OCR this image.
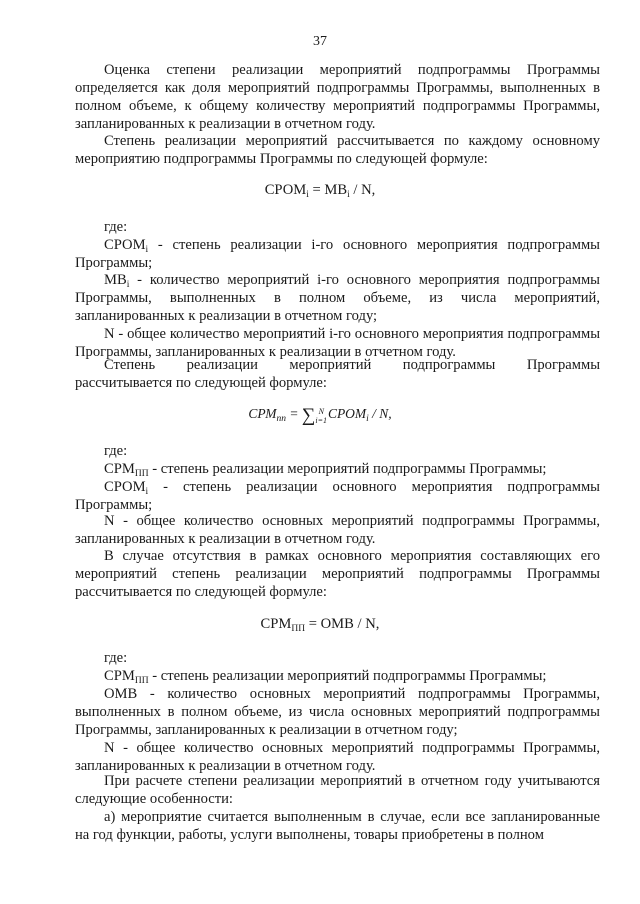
37

Оценка степени реализации мероприятий подпрограммы Программы определяется как доля мероприятий подпрограммы Программы, выполненных в полном объеме, к общему количеству мероприятий подпрограммы Программы, запланированных к реализации в отчетном году.

Степень реализации мероприятий рассчитывается по каждому основному мероприятию подпрограммы Программы по следующей формуле:

$СРОМ_i = МВ_i / N$,

где:

$СРОМ_i$ - степень реализации i-го основного мероприятия подпрограммы Программы;

$МВ_i$ - количество мероприятий i-го основного мероприятия подпрограммы Программы, выполненных в полном объеме, из числа мероприятий, запланированных к реализации в отчетном году;

N - общее количество мероприятий i-го основного мероприятия подпрограммы Программы, запланированных к реализации в отчетном году.

Степень реализации мероприятий подпрограммы Программы

рассчитывается по следующей формуле:

$СРМ_{пп}$ = ∑ N
i=1 $СРОМ_i$ / N,

где:

$СРМ_{ПП}$ - степень реализации мероприятий подпрограммы Программы;

$СРОМ_i$ - степень реализации основного мероприятия подпрограммы Программы;

N - общее количество основных мероприятий подпрограммы Программы, запланированных к реализации в отчетном году.

В случае отсутствия в рамках основного мероприятия составляющих его мероприятий степень реализации мероприятий подпрограммы Программы рассчитывается по следующей формуле:

$СРМ_{ПП}$ = ОМВ / N,

где:

$СРМ_{ПП}$ - степень реализации мероприятий подпрограммы Программы;

ОМВ - количество основных мероприятий подпрограммы Программы, выполненных в полном объеме, из числа основных мероприятий подпрограммы Программы, запланированных к реализации в отчетном году;

N - общее количество основных мероприятий подпрограммы Программы, запланированных к реализации в отчетном году.

При расчете степени реализации мероприятий в отчетном году учитываются следующие особенности:

а) мероприятие считается выполненным в случае, если все запланированные на год функции, работы, услуги выполнены, товары приобретены в полном
